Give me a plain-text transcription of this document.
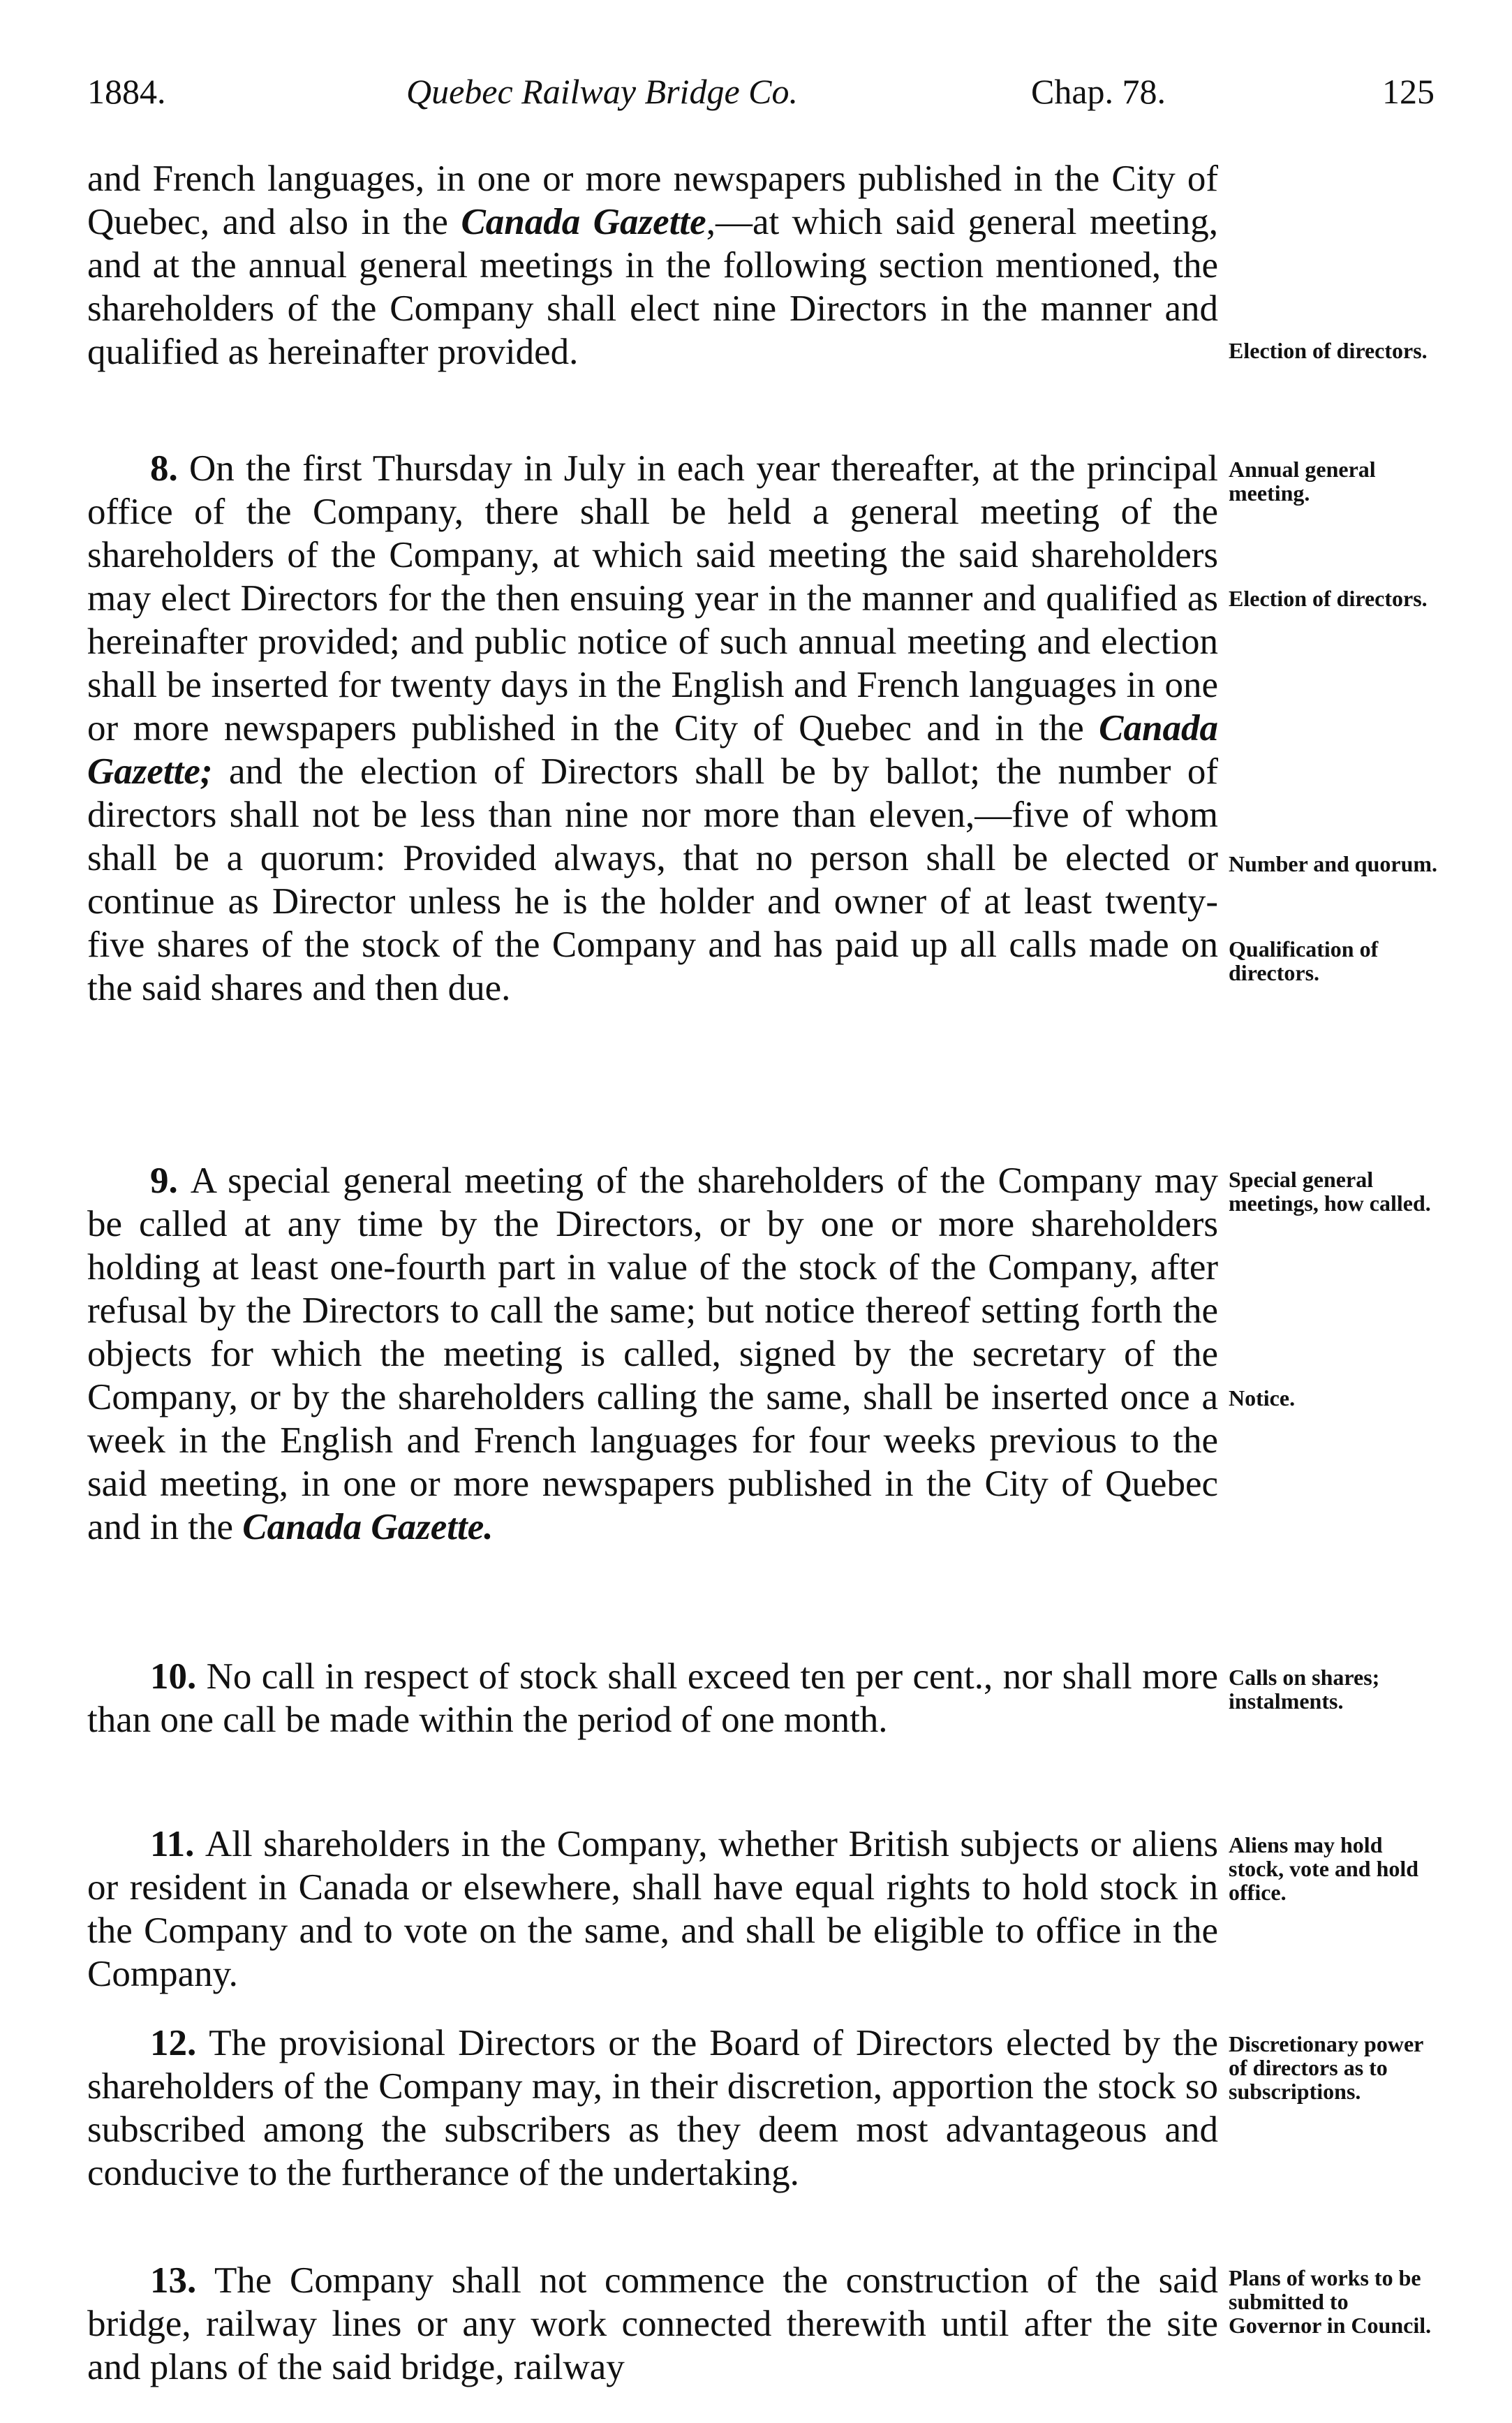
1884.	Quebec Railway Bridge Co.	Chap. 78.	125

and French languages, in one or more newspapers published in the City of Quebec, and also in the Canada Gazette,—at which said general meeting, and at the annual general meetings in the following section mentioned, the shareholders of the Company shall elect nine Directors in the manner and qualified as hereinafter provided.

8. On the first Thursday in July in each year thereafter, at the principal office of the Company, there shall be held a general meeting of the shareholders of the Company, at which said meeting the said shareholders may elect Directors for the then ensuing year in the manner and qualified as hereinafter provided; and public notice of such annual meeting and election shall be inserted for twenty days in the English and French languages in one or more newspapers published in the City of Quebec and in the Canada Gazette; and the election of Directors shall be by ballot; the number of directors shall not be less than nine nor more than eleven,—five of whom shall be a quorum: Provided always, that no person shall be elected or continue as Director unless he is the holder and owner of at least twenty-five shares of the stock of the Company and has paid up all calls made on the said shares and then due.

9. A special general meeting of the shareholders of the Company may be called at any time by the Directors, or by one or more shareholders holding at least one-fourth part in value of the stock of the Company, after refusal by the Directors to call the same; but notice thereof setting forth the objects for which the meeting is called, signed by the secretary of the Company, or by the shareholders calling the same, shall be inserted once a week in the English and French languages for four weeks previous to the said meeting, in one or more newspapers published in the City of Quebec and in the Canada Gazette.

10. No call in respect of stock shall exceed ten per cent., nor shall more than one call be made within the period of one month.

11. All shareholders in the Company, whether British subjects or aliens or resident in Canada or elsewhere, shall have equal rights to hold stock in the Company and to vote on the same, and shall be eligible to office in the Company.

12. The provisional Directors or the Board of Directors elected by the shareholders of the Company may, in their discretion, apportion the stock so subscribed among the subscribers as they deem most advantageous and conducive to the furtherance of the undertaking.

13. The Company shall not commence the construction of the said bridge, railway lines or any work connected therewith until after the site and plans of the said bridge, railway

Election of directors.

Annual general meeting.

Election of directors.

Number and quorum.

Qualification of directors.

Special general meetings, how called.

Notice.

Calls on shares; instalments.

Aliens may hold stock, vote and hold office.

Discretionary power of directors as to subscriptions.

Plans of works to be submitted to Governor in Council.
